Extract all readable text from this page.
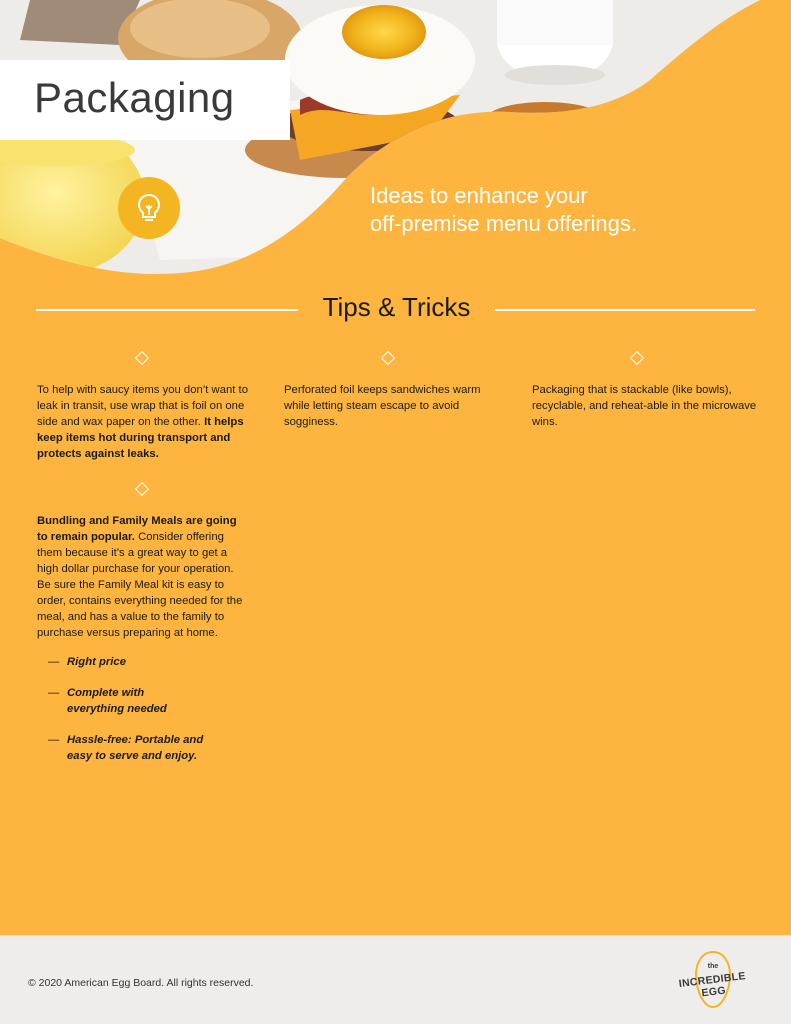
Packaging
Ideas to enhance your
off-premise menu offerings.
Tips & Tricks
To help with saucy items you don’t want to leak in transit, use wrap that is foil on one side and wax paper on the other. It helps keep items hot during transport and protects against leaks.
Bundling and Family Meals are going to remain popular. Consider offering them because it’s a great way to get a high dollar purchase for your operation. Be sure the Family Meal kit is easy to order, contains everything needed for the meal, and has a value to the family to purchase versus preparing at home.
— Right price
— Complete with everything needed
— Hassle-free: Portable and easy to serve and enjoy.
Perforated foil keeps sandwiches warm while letting steam escape to avoid sogginess.
Packaging that is stackable (like bowls), recyclable, and reheat-able in the microwave wins.
© 2020 American Egg Board. All rights reserved.
the
INCREDIBLE EGG
